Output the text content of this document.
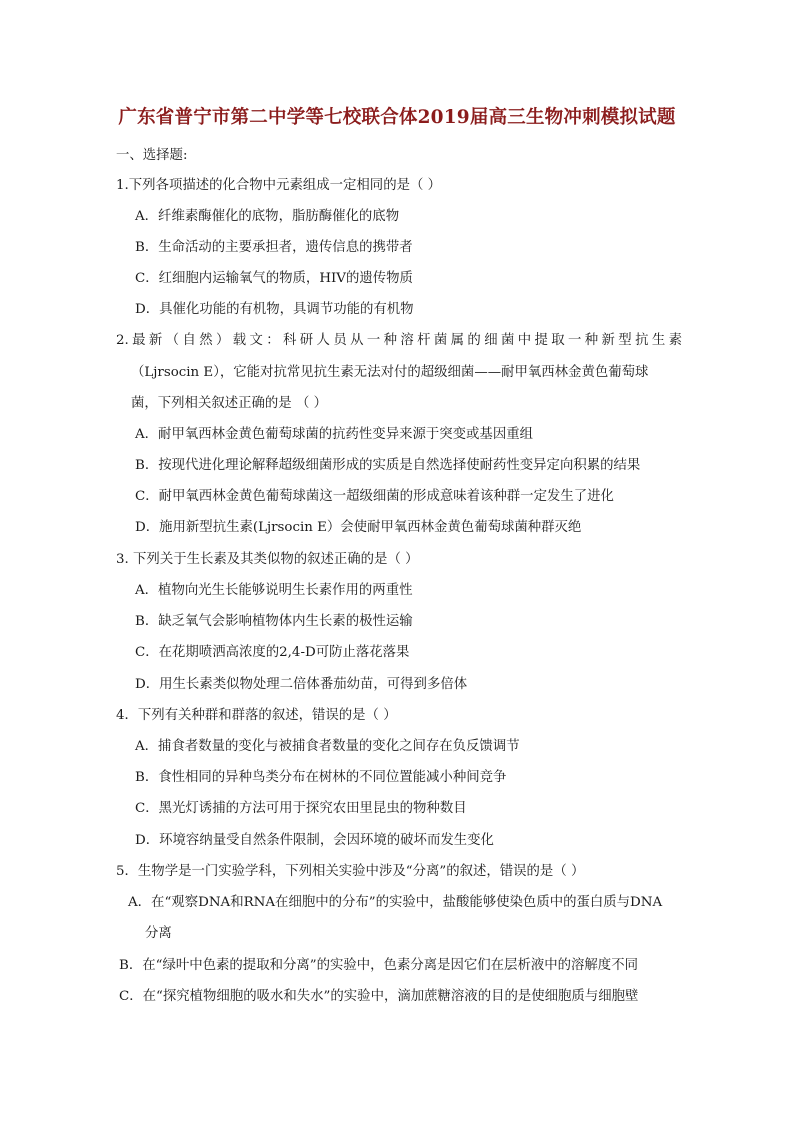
广东省普宁市第二中学等七校联合体2019届高三生物冲刺模拟试题
一、选择题:
1.下列各项描述的化合物中元素组成一定相同的是（ ）
A．纤维素酶催化的底物，脂肪酶催化的底物
B．生命活动的主要承担者，遗传信息的携带者
C．红细胞内运输氧气的物质，HIV的遗传物质
D．具催化功能的有机物，具调节功能的有机物
2.最新（自然）载文：科研人员从一种溶杆菌属的细菌中提取一种新型抗生素
（Ljrsocin E），它能对抗常见抗生素无法对付的超级细菌——耐甲氧西林金黄色葡萄球
菌，下列相关叙述正确的是 （ ）
A．耐甲氧西林金黄色葡萄球菌的抗药性变异来源于突变或基因重组
B．按现代进化理论解释超级细菌形成的实质是自然选择使耐药性变异定向积累的结果
C．耐甲氧西林金黄色葡萄球菌这一超级细菌的形成意味着该种群一定发生了进化
D．施用新型抗生素(Ljrsocin E）会使耐甲氧西林金黄色葡萄球菌种群灭绝
3. 下列关于生长素及其类似物的叙述正确的是（ ）
A．植物向光生长能够说明生长素作用的两重性
B．缺乏氧气会影响植物体内生长素的极性运输
C．在花期喷洒高浓度的2,4-D可防止落花落果
D．用生长素类似物处理二倍体番茄幼苗，可得到多倍体
4．下列有关种群和群落的叙述，错误的是（ ）
A．捕食者数量的变化与被捕食者数量的变化之间存在负反馈调节
B．食性相同的异种鸟类分布在树林的不同位置能减小种间竞争
C．黑光灯诱捕的方法可用于探究农田里昆虫的物种数目
D．环境容纳量受自然条件限制，会因环境的破坏而发生变化
5．生物学是一门实验学科，下列相关实验中涉及“分离”的叙述，错误的是（ ）
A．在“观察DNA和RNA在细胞中的分布”的实验中，盐酸能够使染色质中的蛋白质与DNA
分离
B．在“绿叶中色素的提取和分离”的实验中，色素分离是因它们在层析液中的溶解度不同
C．在“探究植物细胞的吸水和失水”的实验中，滴加蔗糖溶液的目的是使细胞质与细胞壁
